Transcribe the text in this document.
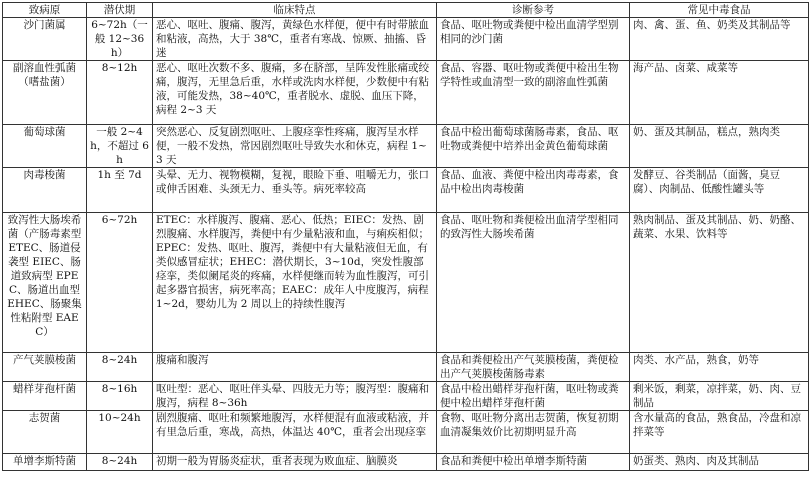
致病原	潜伏期	临床特点	诊断参考	常见中毒食品
沙门菌属	6~72h（一般 12~36h）	恶心、呕吐、腹痛、腹泻，黄绿色水样便，便中有时带脓血和粘液，高热，大于 38℃，重者有寒战、惊厥、抽搐、昏迷	食品、呕吐物或粪便中检出血清学型别相同的沙门菌	肉、禽、蛋、鱼、奶类及其制品等
副溶血性弧菌（嗜盐菌）	8~12h	恶心、呕吐次数不多、腹痛，多在脐部，呈阵发性胀痛或绞痛，腹泻，无里急后重，水样或洗肉水样便，少数便中有粘液，可能发热，38~40℃，重者脱水、虚脱、血压下降，病程 2~3 天	食品、容器、呕吐物或粪便中检出生物学特性或血清型一致的副溶血性弧菌	海产品、卤菜、咸菜等
葡萄球菌	一般 2~4h，不超过 6h	突然恶心、反复剧烈呕吐、上腹痉挛性疼痛，腹泻呈水样便，一般不发热，常因剧烈呕吐导致失水和休克，病程 1~3 天	食品中检出葡萄球菌肠毒素，食品、呕吐物或粪便中培养出金黄色葡萄球菌	奶、蛋及其制品，糕点，熟肉类
肉毒梭菌	1h 至 7d	头晕、无力、视物模糊，复视，眼睑下垂、咀嚼无力，张口或伸舌困难、头颈无力、垂头等。病死率较高	食品、血液、粪便中检出肉毒毒素，食品中检出肉毒梭菌	发酵豆、谷类制品（面酱，臭豆腐）、肉制品、低酸性罐头等
致泻性大肠埃希菌（产肠毒素型 ETEC、肠道侵袭型 EIEC、肠道致病型 EPEC、肠道出血型 EHEC、肠聚集性粘附型 EAEC）	6~72h	ETEC：水样腹泻、腹痛、恶心、低热；EIEC：发热、剧烈腹痛、水样腹泻，粪便中有少量粘液和血，与痢疾相似；EPEC：发热、呕吐、腹泻，粪便中有大量粘液但无血，有类似感冒症状；EHEC：潜伏期长，3~10d，突发性腹部痉挛，类似阑尾炎的疼痛，水样便继而转为血性腹泻，可引起多器官损害，病死率高；EAEC：成年人中度腹泻，病程 1~2d，婴幼儿为 2 周以上的持续性腹泻	食品、呕吐物和粪便检出血清学型相同的致泻性大肠埃希菌	熟肉制品、蛋及其制品、奶、奶酪、蔬菜、水果、饮料等
产气荚膜梭菌	8~24h	腹痛和腹泻	食品和粪便检出产气荚膜梭菌，粪便检出产气荚膜梭菌肠毒素	肉类、水产品，熟食，奶等
蜡样芽孢杆菌	8~16h	呕吐型：恶心、呕吐伴头晕、四肢无力等；腹泻型：腹痛和腹泻，病程 8~36h	食品中检出蜡样芽孢杆菌，呕吐物或粪便中检出蜡样芽孢杆菌	剩米饭，剩菜，凉拌菜，奶、肉、豆制品
志贺菌	10~24h	剧烈腹痛、呕吐和频繁地腹泻，水样便混有血液或粘液，并有里急后重，寒战，高热，体温达 40℃，重者会出现痉挛	食物、呕吐物分离出志贺菌，恢复初期血清凝集效价比初期明显升高	含水量高的食品，熟食品，冷盘和凉拌菜等
单增李斯特菌	8~24h	初期一般为胃肠炎症状，重者表现为败血症、脑膜炎	食品和粪便中检出单增李斯特菌	奶蛋类、熟肉、肉及其制品
